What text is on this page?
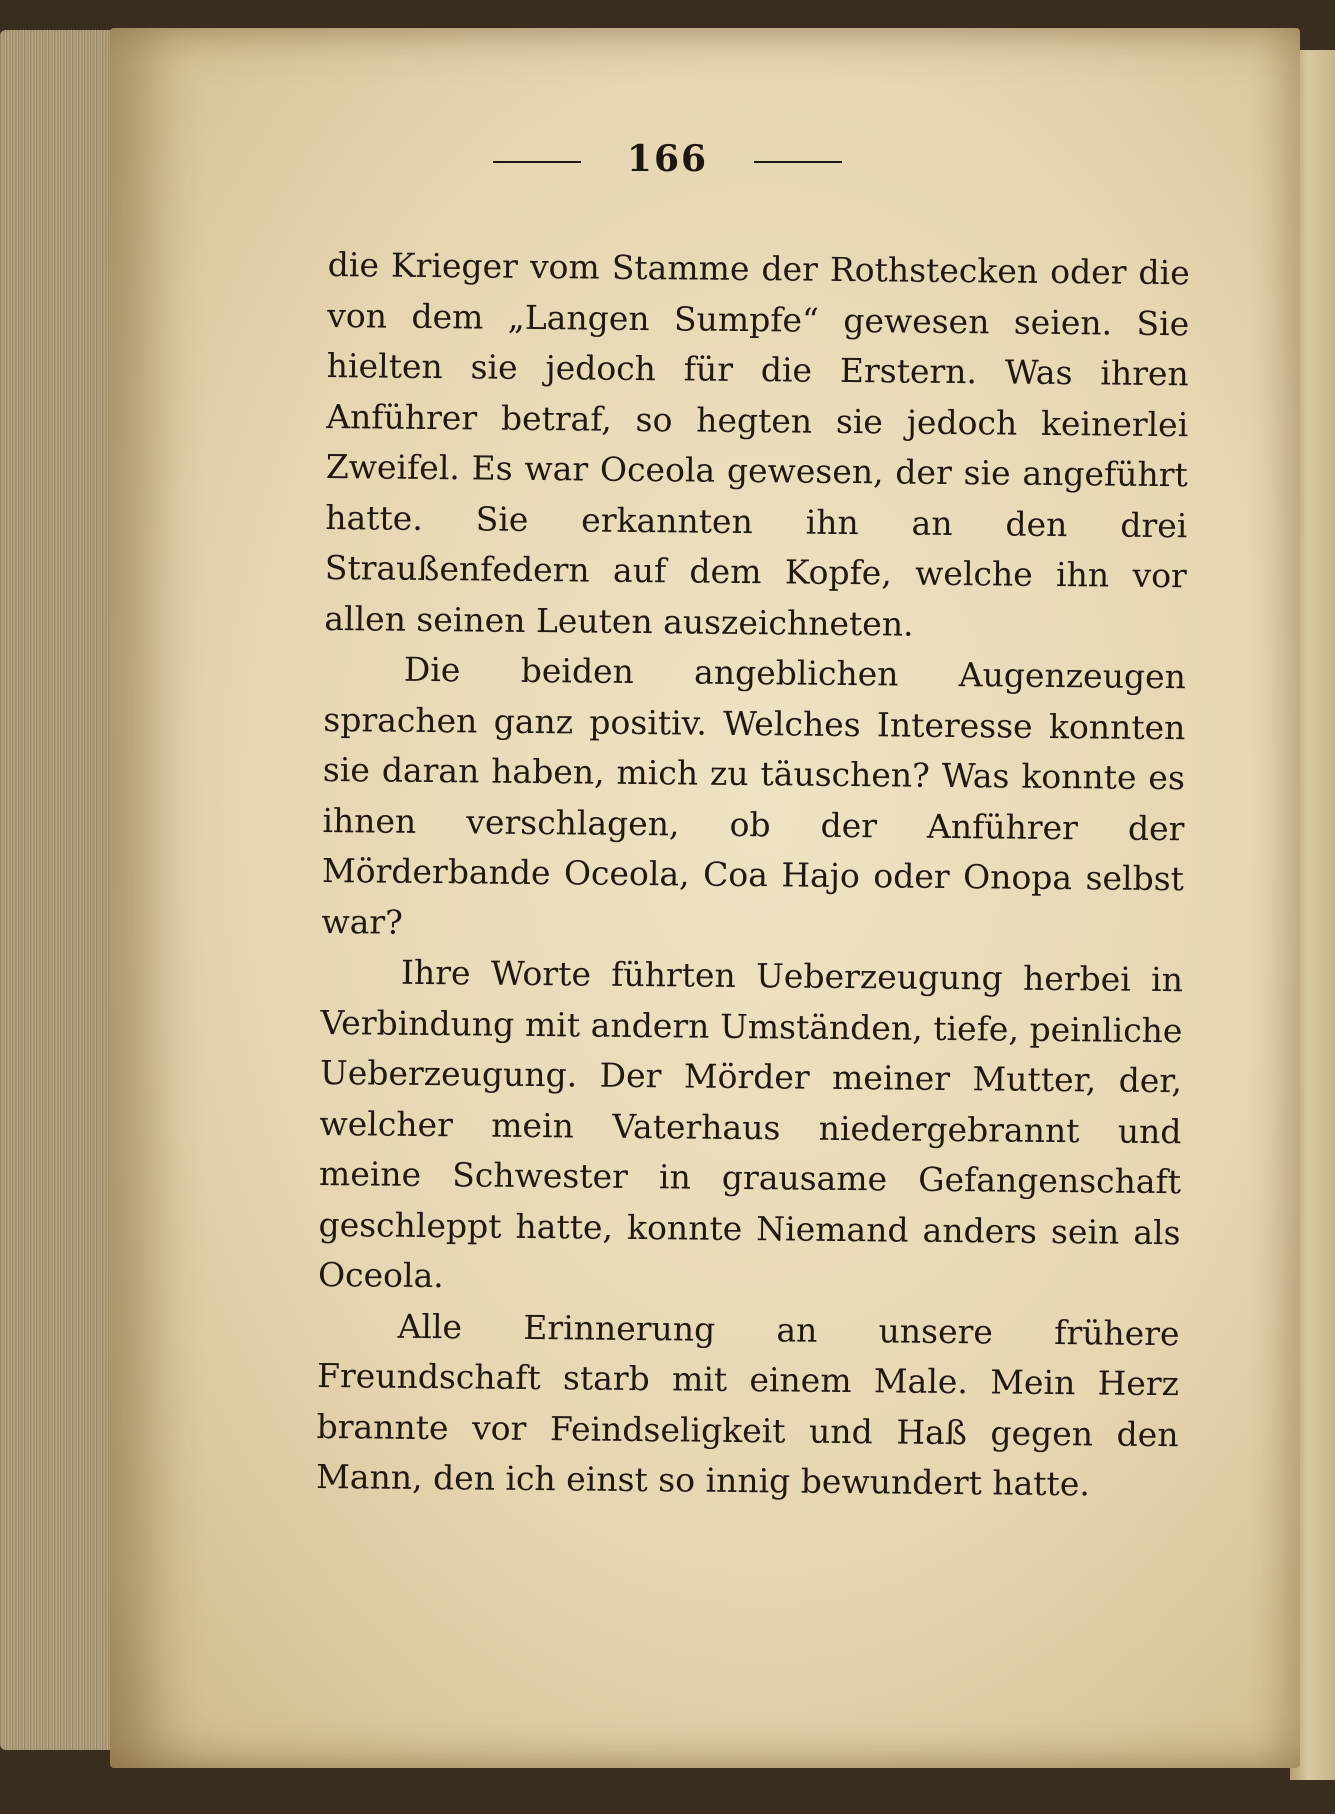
166

die Krieger vom Stamme der Rothstecken oder die von dem „Langen Sumpfe“ gewesen seien. Sie hielten sie jedoch für die Erstern. Was ihren Anführer betraf, so hegten sie jedoch keinerlei Zweifel. Es war Oceola gewesen, der sie angeführt hatte. Sie erkannten ihn an den drei Straußenfedern auf dem Kopfe, welche ihn vor allen seinen Leuten auszeichneten.

Die beiden angeblichen Augenzeugen sprachen ganz positiv. Welches Interesse konnten sie daran haben, mich zu täuschen? Was konnte es ihnen verschlagen, ob der Anführer der Mörderbande Oceola, Coa Hajo oder Onopa selbst war?

Ihre Worte führten Ueberzeugung herbei in Verbindung mit andern Umständen, tiefe, peinliche Ueberzeugung. Der Mörder meiner Mutter, der, welcher mein Vaterhaus niedergebrannt und meine Schwester in grausame Gefangenschaft geschleppt hatte, konnte Niemand anders sein als Oceola.

Alle Erinnerung an unsere frühere Freundschaft starb mit einem Male. Mein Herz brannte vor Feindseligkeit und Haß gegen den Mann, den ich einst so innig bewundert hatte.
